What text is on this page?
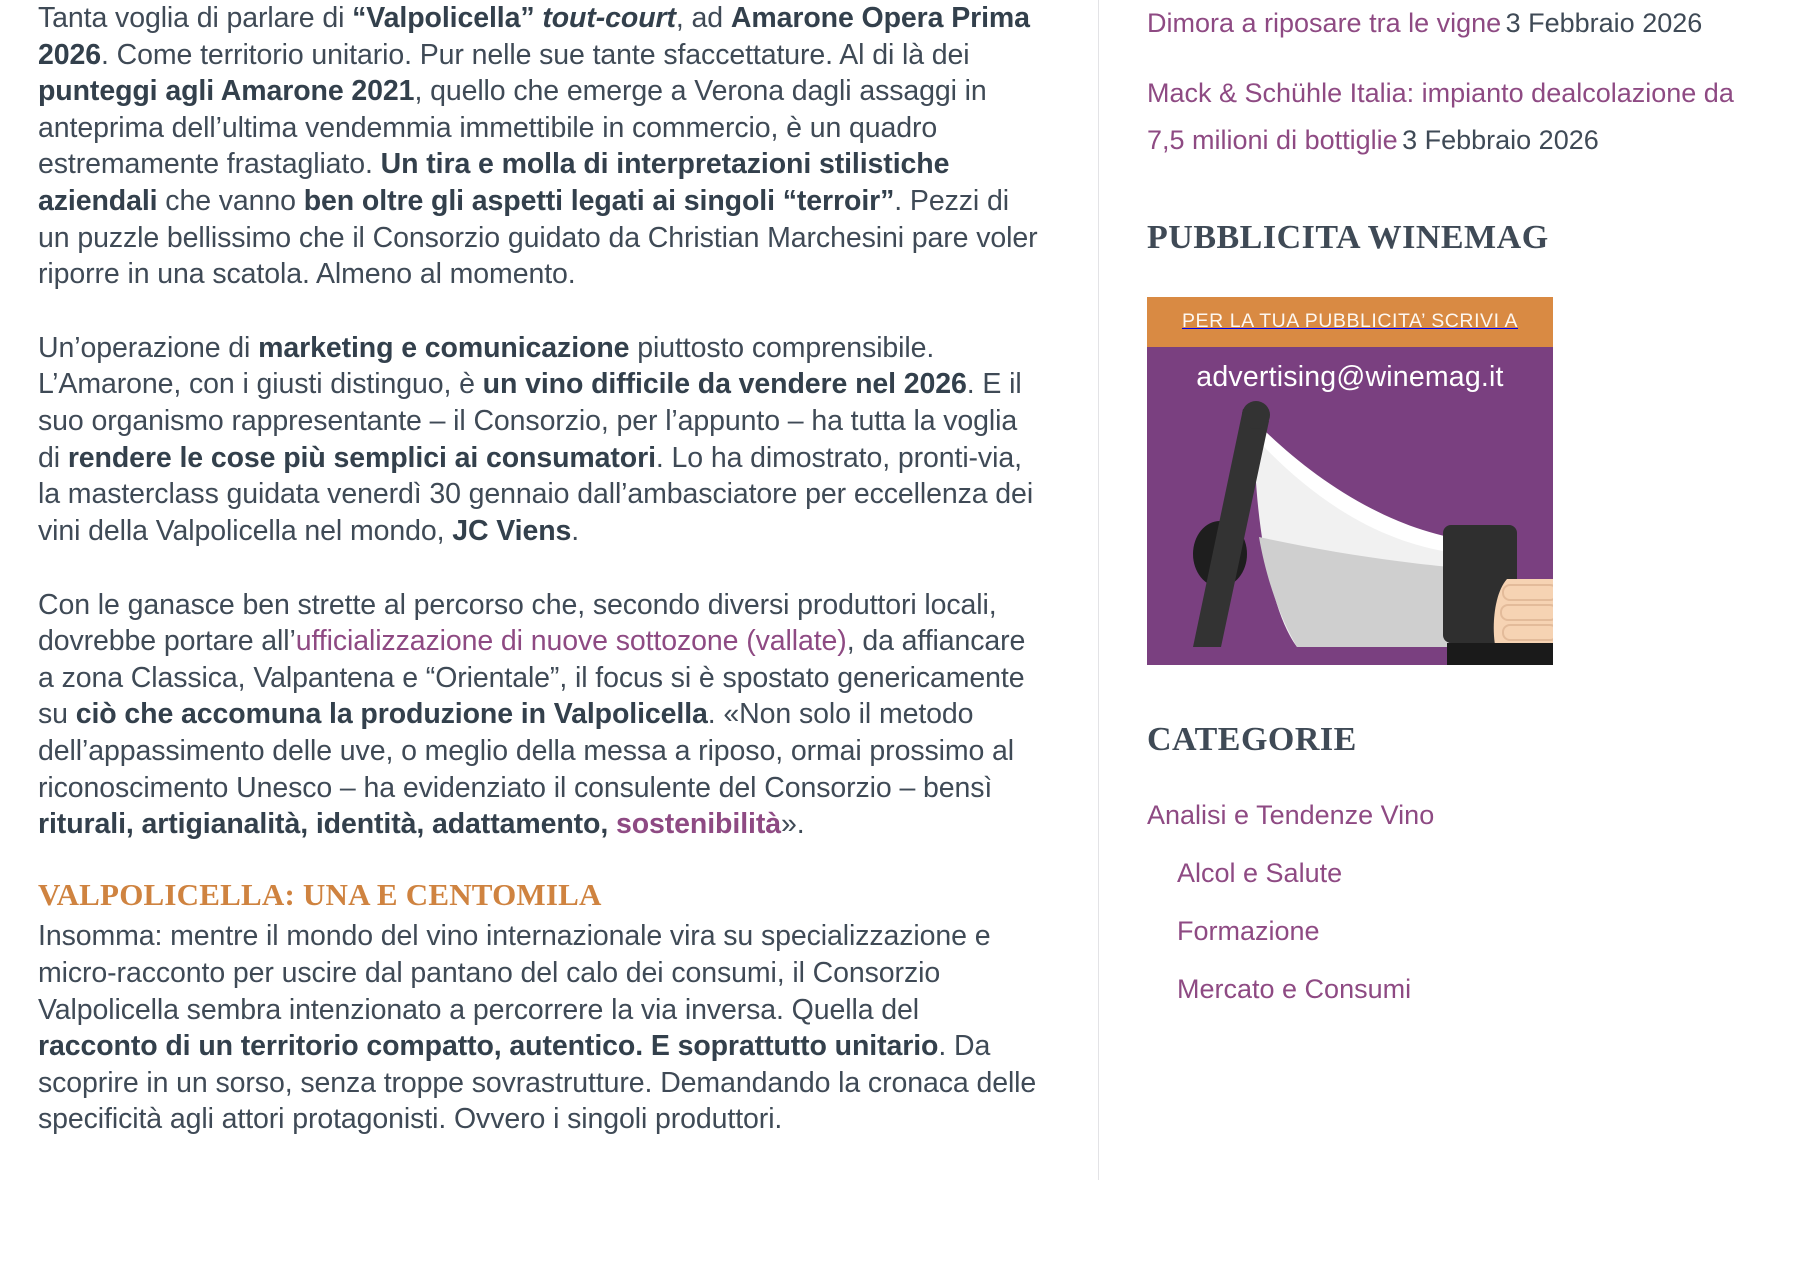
Tanta voglia di parlare di “Valpolicella” tout-court, ad Amarone Opera Prima 2026. Come territorio unitario. Pur nelle sue tante sfaccettature. Al di là dei punteggi agli Amarone 2021, quello che emerge a Verona dagli assaggi in anteprima dell’ultima vendemmia immettibile in commercio, è un quadro estremamente frastagliato. Un tira e molla di interpretazioni stilistiche aziendali che vanno ben oltre gli aspetti legati ai singoli “terroir”. Pezzi di un puzzle bellissimo che il Consorzio guidato da Christian Marchesini pare voler riporre in una scatola. Almeno al momento.

Un’operazione di marketing e comunicazione piuttosto comprensibile. L’Amarone, con i giusti distinguo, è un vino difficile da vendere nel 2026. E il suo organismo rappresentante – il Consorzio, per l’appunto – ha tutta la voglia di rendere le cose più semplici ai consumatori. Lo ha dimostrato, pronti-via, la masterclass guidata venerdì 30 gennaio dall’ambasciatore per eccellenza dei vini della Valpolicella nel mondo, JC Viens.

Con le ganasce ben strette al percorso che, secondo diversi produttori locali, dovrebbe portare all’ufficializzazione di nuove sottozone (vallate), da affiancare a zona Classica, Valpantena e “Orientale”, il focus si è spostato genericamente su ciò che accomuna la produzione in Valpolicella. «Non solo il metodo dell’appassimento delle uve, o meglio della messa a riposo, ormai prossimo al riconoscimento Unesco – ha evidenziato il consulente del Consorzio – bensì riturali, artigianalità, identità, adattamento, sostenibilità».

VALPOLICELLA: UNA E CENTOMILA

Insomma: mentre il mondo del vino internazionale vira su specializzazione e micro-racconto per uscire dal pantano del calo dei consumi, il Consorzio Valpolicella sembra intenzionato a percorrere la via inversa. Quella del racconto di un territorio compatto, autentico. E soprattutto unitario. Da scoprire in un sorso, senza troppe sovrastrutture. Demandando la cronaca delle specificità agli attori protagonisti. Ovvero i singoli produttori.

Dimora a riposare tra le vigne 3 Febbraio 2026
Mack & Schühle Italia: impianto dealcolazione da 7,5 milioni di bottiglie 3 Febbraio 2026
PUBBLICITA WINEMAG
PER LA TUA PUBBLICITA’ SCRIVI A
advertising@winemag.it
CATEGORIE
Analisi e Tendenze Vino
Alcol e Salute
Formazione
Mercato e Consumi
